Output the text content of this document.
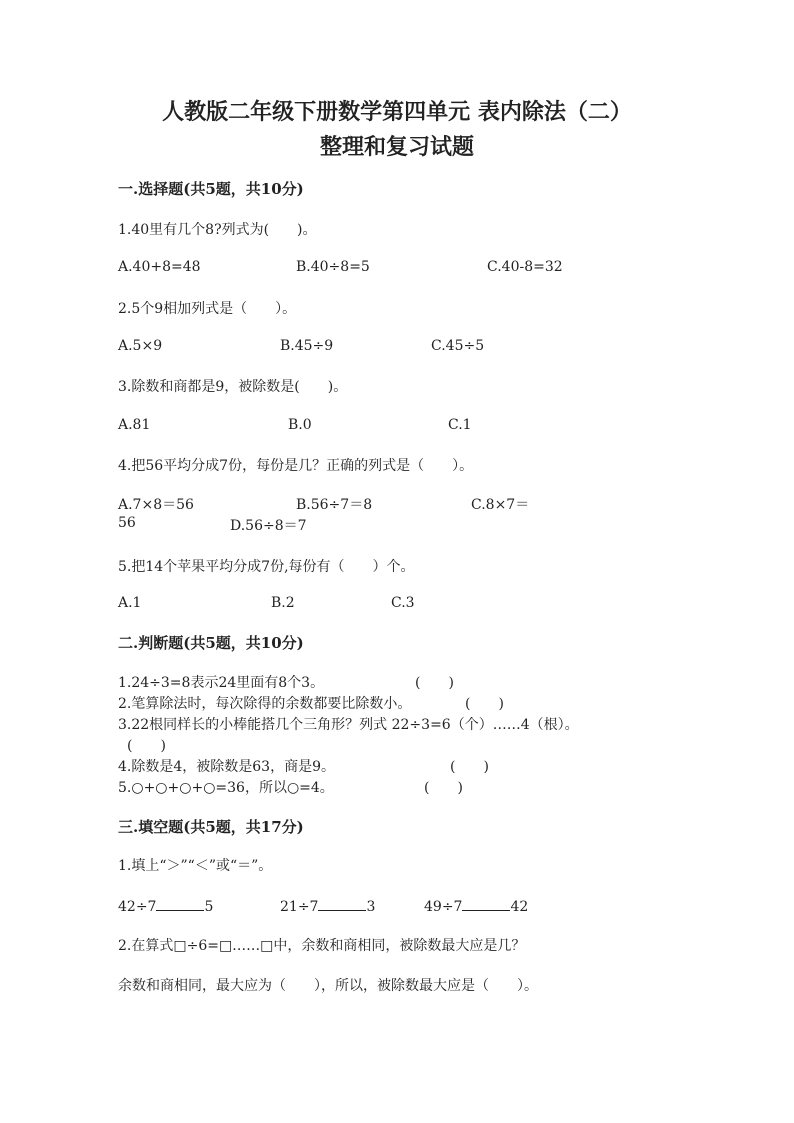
人教版二年级下册数学第四单元 表内除法（二）
整理和复习试题
一.选择题(共5题，共10分)
1.40里有几个8?列式为(　　)。
A.40+8=48	B.40÷8=5	C.40-8=32
2.5个9相加列式是（　　）。
A.5×9	B.45÷9	C.45÷5
3.除数和商都是9，被除数是(　　)。
A.81	B.0	C.1
4.把56平均分成7份，每份是几？正确的列式是（　　）。
A.7×8＝56	B.56÷7＝8	C.8×7＝
56	D.56÷8＝7
5.把14个苹果平均分成7份,每份有（　　）个。
A.1	B.2	C.3
二.判断题(共5题，共10分)
1.24÷3=8表示24里面有8个3。	(　　)
2.笔算除法时，每次除得的余数都要比除数小。	(　　)
3.22根同样长的小棒能搭几个三角形？列式 22÷3=6（个）……4（根）。
(　　)
4.除数是4，被除数是63，商是9。	(　　)
5.○+○+○+○=36，所以○=4。	(　　)
三.填空题(共5题，共17分)
1.填上“＞”“＜”或“＝”。
42÷7	5	21÷7	3	49÷7	42
2.在算式□÷6=□……□中，余数和商相同，被除数最大应是几？
余数和商相同，最大应为（　　），所以，被除数最大应是（　　）。
